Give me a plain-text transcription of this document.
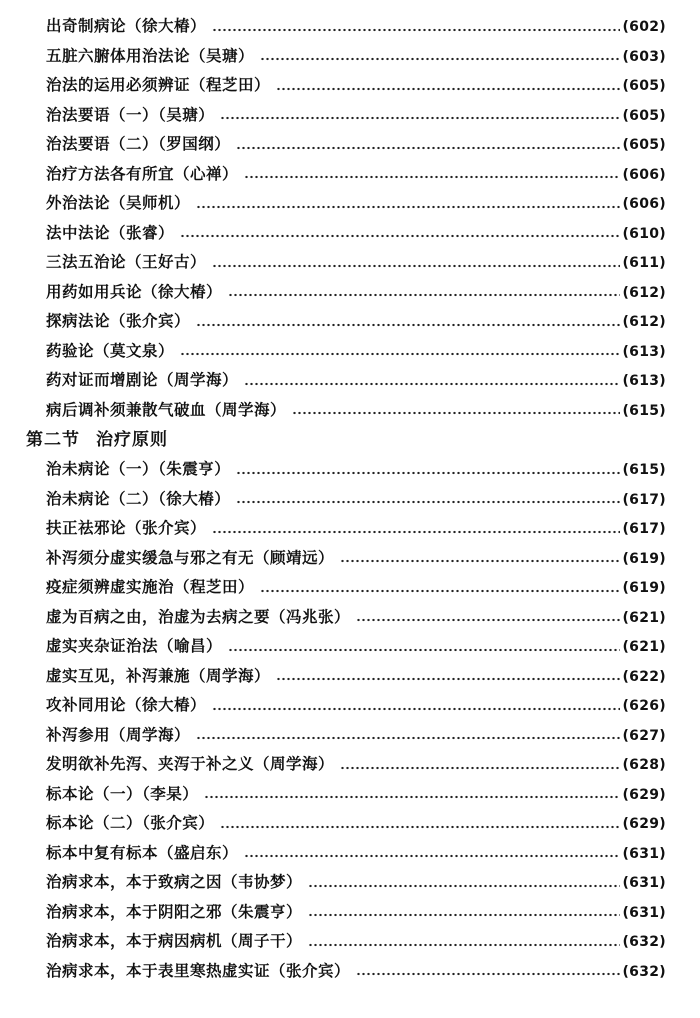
出奇制病论（徐大椿）	(602)
五脏六腑体用治法论（吴瑭）	(603)
治法的运用必须辨证（程芝田）	(605)
治法要语（一）（吴瑭）	(605)
治法要语（二）（罗国纲）	(605)
治疗方法各有所宜（心禅）	(606)
外治法论（吴师机）	(606)
法中法论（张睿）	(610)
三法五治论（王好古）	(611)
用药如用兵论（徐大椿）	(612)
探病法论（张介宾）	(612)
药验论（莫文泉）	(613)
药对证而增剧论（周学海）	(613)
病后调补须兼散气破血（周学海）	(615)
第二节 治疗原则
治未病论（一）（朱震亨）	(615)
治未病论（二）（徐大椿）	(617)
扶正祛邪论（张介宾）	(617)
补泻须分虚实缓急与邪之有无（顾靖远）	(619)
疫症须辨虚实施治（程芝田）	(619)
虚为百病之由，治虚为去病之要（冯兆张）	(621)
虚实夹杂证治法（喻昌）	(621)
虚实互见，补泻兼施（周学海）	(622)
攻补同用论（徐大椿）	(626)
补泻参用（周学海）	(627)
发明欲补先泻、夹泻于补之义（周学海）	(628)
标本论（一）（李杲）	(629)
标本论（二）（张介宾）	(629)
标本中复有标本（盛启东）	(631)
治病求本，本于致病之因（韦协梦）	(631)
治病求本，本于阴阳之邪（朱震亨）	(631)
治病求本，本于病因病机（周子干）	(632)
治病求本，本于表里寒热虚实证（张介宾）	(632)
